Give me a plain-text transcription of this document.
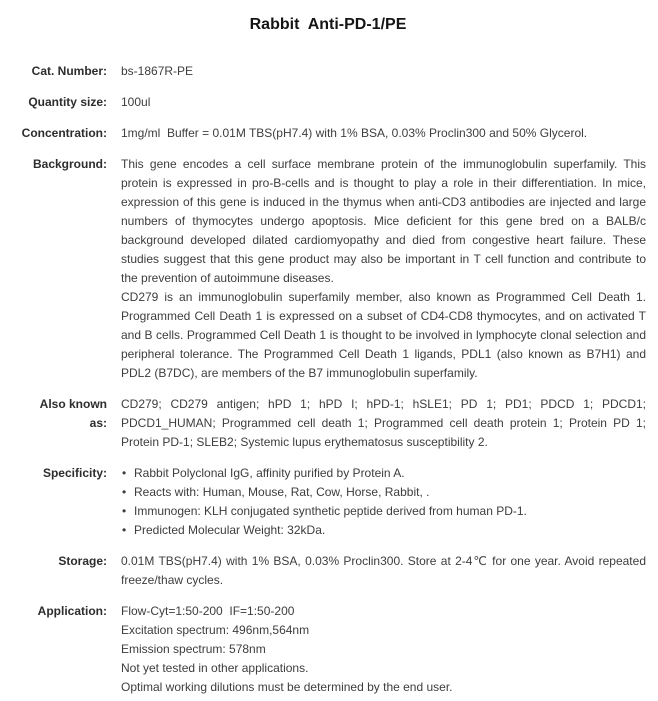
Rabbit  Anti-PD-1/PE
Cat. Number: bs-1867R-PE
Quantity size: 100ul
Concentration: 1mg/ml  Buffer = 0.01M TBS(pH7.4) with 1% BSA, 0.03% Proclin300 and 50% Glycerol.
Background: This gene encodes a cell surface membrane protein of the immunoglobulin superfamily. This protein is expressed in pro-B-cells and is thought to play a role in their differentiation. In mice, expression of this gene is induced in the thymus when anti-CD3 antibodies are injected and large numbers of thymocytes undergo apoptosis. Mice deficient for this gene bred on a BALB/c background developed dilated cardiomyopathy and died from congestive heart failure. These studies suggest that this gene product may also be important in T cell function and contribute to the prevention of autoimmune diseases.

CD279 is an immunoglobulin superfamily member, also known as Programmed Cell Death 1. Programmed Cell Death 1 is expressed on a subset of CD4-CD8 thymocytes, and on activated T and B cells. Programmed Cell Death 1 is thought to be involved in lymphocyte clonal selection and peripheral tolerance. The Programmed Cell Death 1 ligands, PDL1 (also known as B7H1) and PDL2 (B7DC), are members of the B7 immunoglobulin superfamily.

Also known as:
CD279; CD279 antigen; hPD 1; hPD I; hPD-1; hSLE1; PD 1; PD1; PDCD 1; PDCD1; PDCD1_HUMAN; Programmed cell death 1; Programmed cell death protein 1; Protein PD 1; Protein PD-1; SLEB2; Systemic lupus erythematosus susceptibility 2.
Specificity:	• Rabbit Polyclonal IgG, affinity purified by Protein A.
• Reacts with: Human, Mouse, Rat, Cow, Horse, Rabbit, .
• Immunogen: KLH conjugated synthetic peptide derived from human PD-1.
• Predicted Molecular Weight: 32kDa.
Storage: 0.01M TBS(pH7.4) with 1% BSA, 0.03% Proclin300. Store at 2-4℃ for one year. Avoid repeated freeze/thaw cycles.
Application: Flow-Cyt=1:50-200  IF=1:50-200
Excitation spectrum: 496nm,564nm
Emission spectrum: 578nm
Not yet tested in other applications.
Optimal working dilutions must be determined by the end user.
